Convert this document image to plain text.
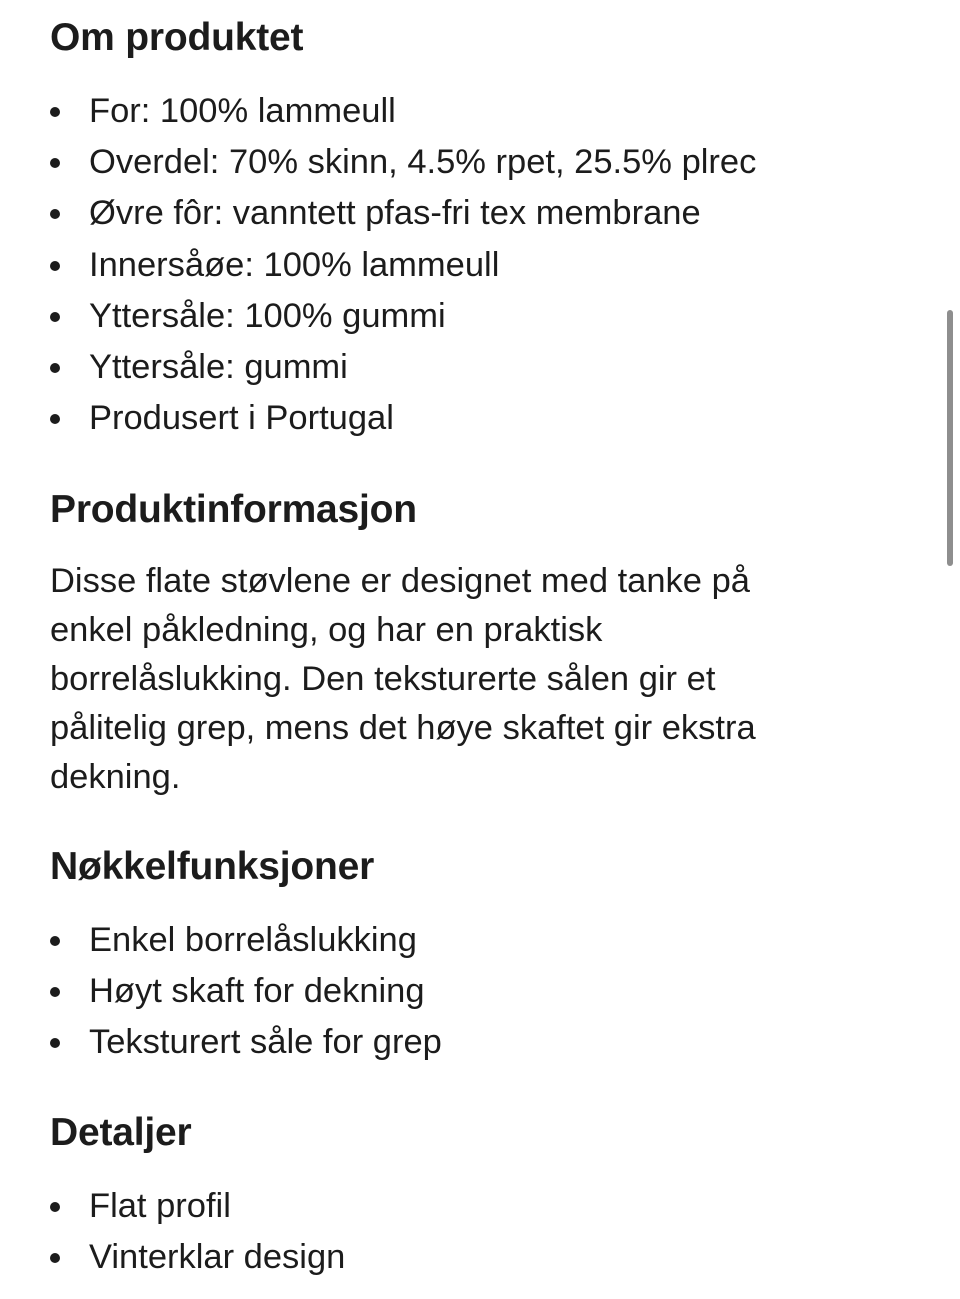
Om produktet
For: 100% lammeull
Overdel: 70% skinn, 4.5% rpet, 25.5% plrec
Øvre fôr: vanntett pfas-fri tex membrane
Innersåøe: 100% lammeull
Yttersåle: 100% gummi
Yttersåle: gummi
Produsert i Portugal
Produktinformasjon

Disse flate støvlene er designet med tanke på
enkel påkledning, og har en praktisk
borrelåslukking. Den teksturerte sålen gir et
pålitelig grep, mens det høye skaftet gir ekstra
dekning.

Nøkkelfunksjoner
Enkel borrelåslukking
Høyt skaft for dekning
Teksturert såle for grep
Detaljer
Flat profil
Vinterklar design
